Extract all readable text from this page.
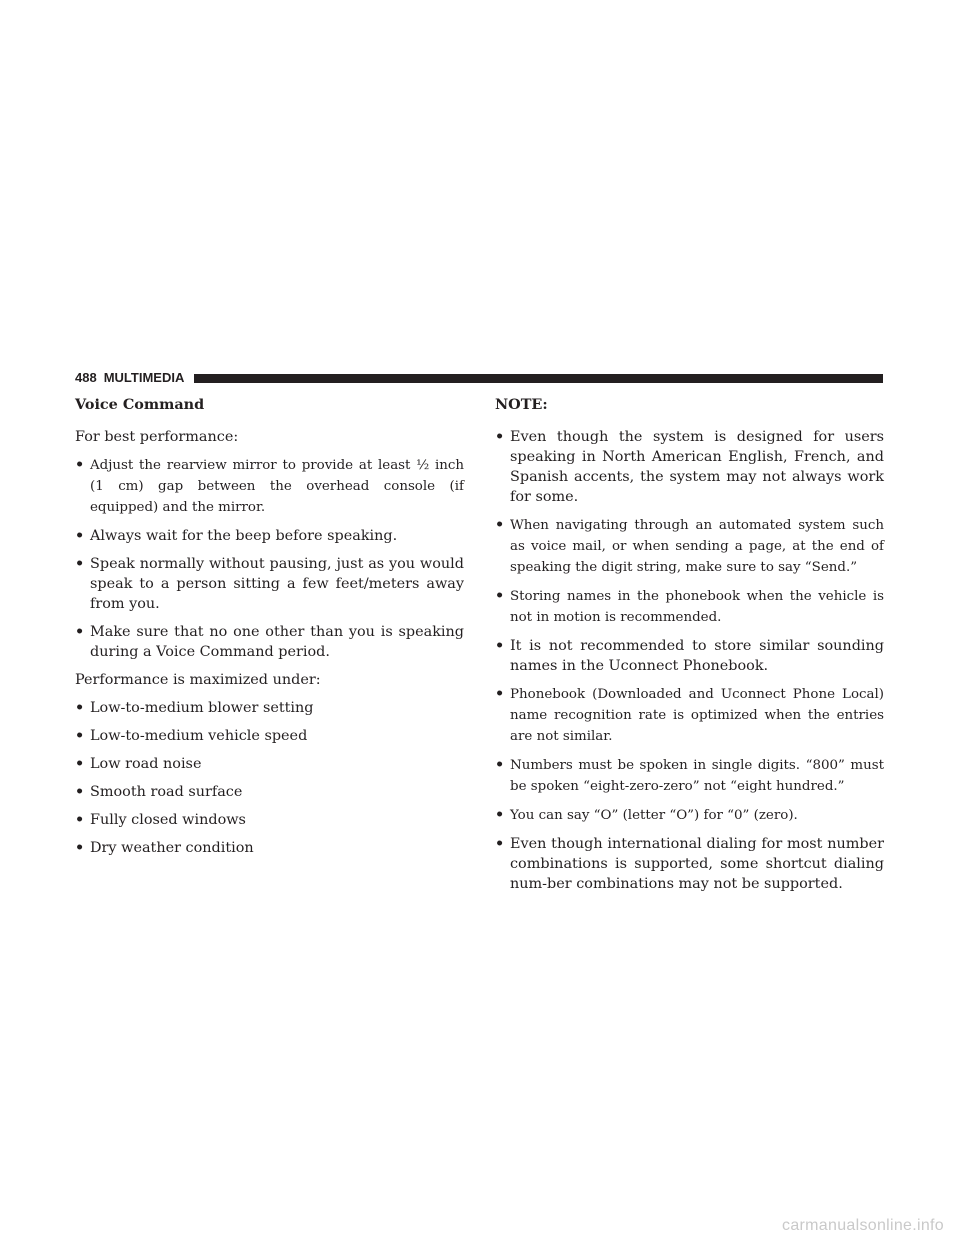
488 MULTIMEDIA
Voice Command
For best performance:
• Adjust the rearview mirror to provide at least ½ inch (1 cm) gap between the overhead console (if equipped) and the mirror.
• Always wait for the beep before speaking.
• Speak normally without pausing, just as you would speak to a person sitting a few feet/meters away from you.
• Make sure that no one other than you is speaking during a Voice Command period.
Performance is maximized under:
• Low-to-medium blower setting
• Low-to-medium vehicle speed
• Low road noise
• Smooth road surface
• Fully closed windows
• Dry weather condition
NOTE:
• Even though the system is designed for users speaking in North American English, French, and Spanish accents, the system may not always work for some.
• When navigating through an automated system such as voice mail, or when sending a page, at the end of speaking the digit string, make sure to say “Send.”
• Storing names in the phonebook when the vehicle is not in motion is recommended.
• It is not recommended to store similar sounding names in the Uconnect Phonebook.
• Phonebook (Downloaded and Uconnect Phone Local) name recognition rate is optimized when the entries are not similar.
• Numbers must be spoken in single digits. “800” must be spoken “eight-zero-zero” not “eight hundred.”
• You can say “O” (letter “O”) for “0” (zero).
• Even though international dialing for most number combinations is supported, some shortcut dialing num-ber combinations may not be supported.
carmanualsonline.info
